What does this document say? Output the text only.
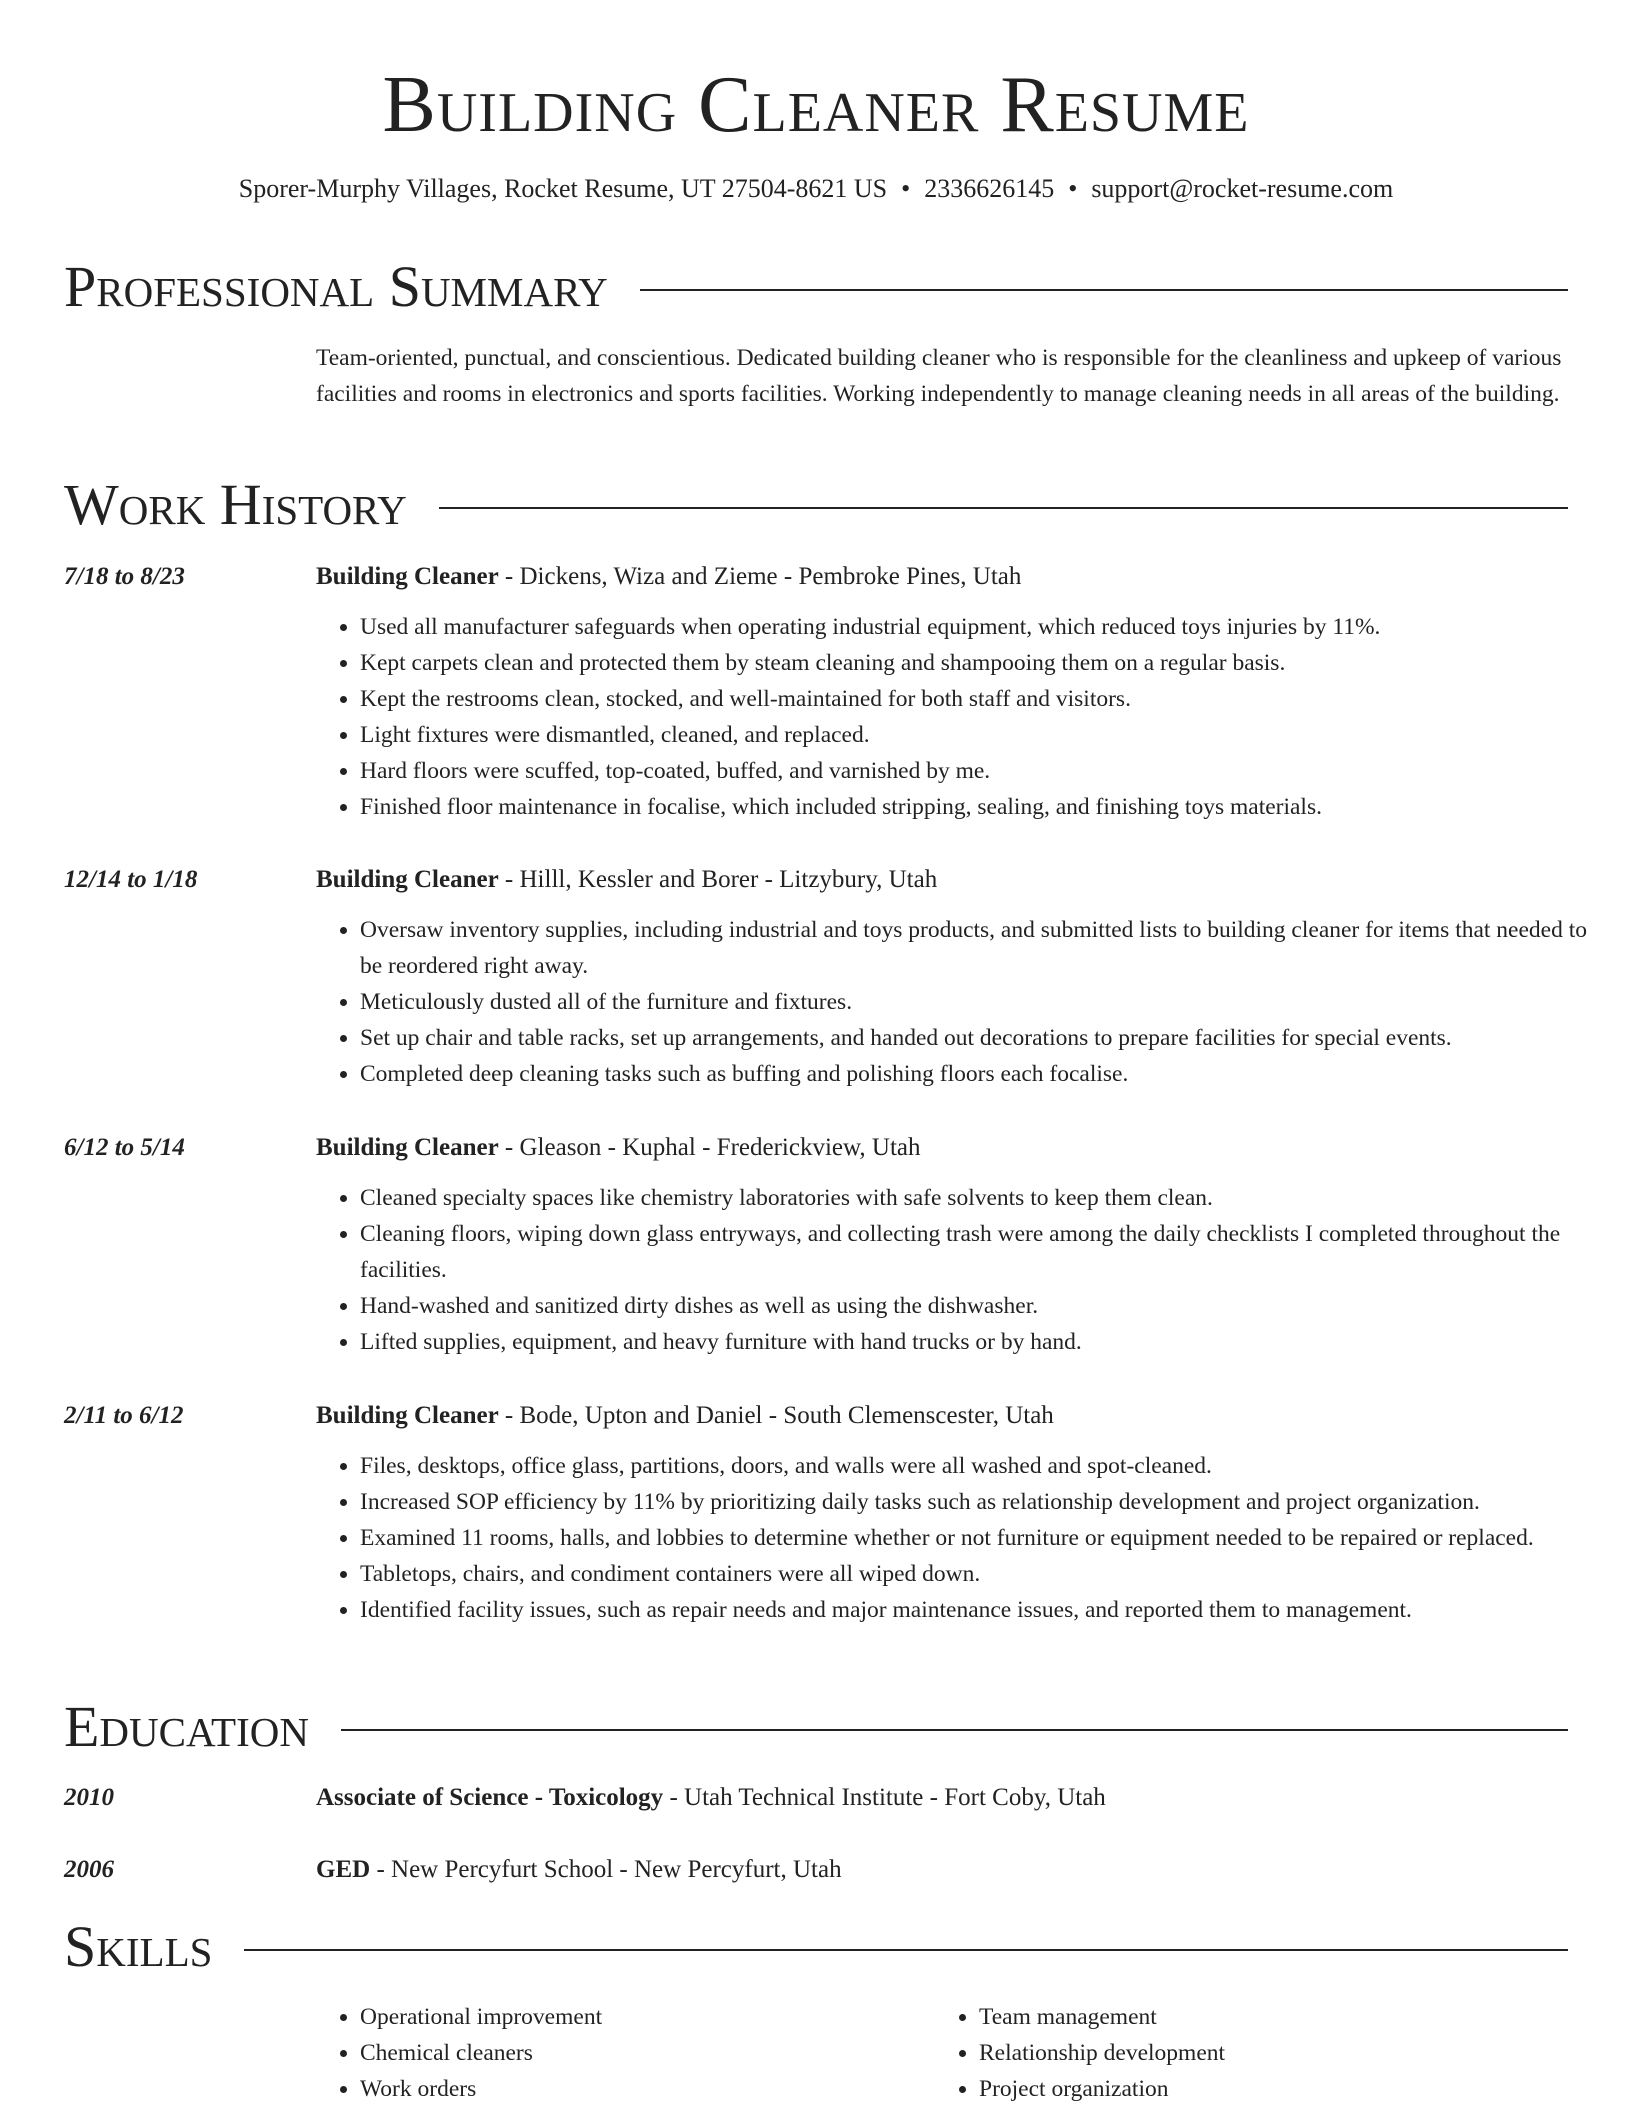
Building Cleaner Resume
Sporer-Murphy Villages, Rocket Resume, UT 27504-8621 US • 2336626145 • support@rocket-resume.com
Professional Summary

Team-oriented, punctual, and conscientious. Dedicated building cleaner who is responsible for the cleanliness and upkeep of various facilities and rooms in electronics and sports facilities. Working independently to manage cleaning needs in all areas of the building.

Work History
7/18 to 8/23	Building Cleaner - Dickens, Wiza and Zieme - Pembroke Pines, Utah
• Used all manufacturer safeguards when operating industrial equipment, which reduced toys injuries by 11%.
• Kept carpets clean and protected them by steam cleaning and shampooing them on a regular basis.
• Kept the restrooms clean, stocked, and well-maintained for both staff and visitors.
• Light fixtures were dismantled, cleaned, and replaced.
• Hard floors were scuffed, top-coated, buffed, and varnished by me.
• Finished floor maintenance in focalise, which included stripping, sealing, and finishing toys materials.
12/14 to 1/18	Building Cleaner - Hilll, Kessler and Borer - Litzybury, Utah
• Oversaw inventory supplies, including industrial and toys products, and submitted lists to building cleaner for items that needed to be reordered right away.
• Meticulously dusted all of the furniture and fixtures.
• Set up chair and table racks, set up arrangements, and handed out decorations to prepare facilities for special events.
• Completed deep cleaning tasks such as buffing and polishing floors each focalise.
6/12 to 5/14	Building Cleaner - Gleason - Kuphal - Frederickview, Utah
• Cleaned specialty spaces like chemistry laboratories with safe solvents to keep them clean.
• Cleaning floors, wiping down glass entryways, and collecting trash were among the daily checklists I completed throughout the facilities.
• Hand-washed and sanitized dirty dishes as well as using the dishwasher.
• Lifted supplies, equipment, and heavy furniture with hand trucks or by hand.
2/11 to 6/12	Building Cleaner - Bode, Upton and Daniel - South Clemenscester, Utah
• Files, desktops, office glass, partitions, doors, and walls were all washed and spot-cleaned.
• Increased SOP efficiency by 11% by prioritizing daily tasks such as relationship development and project organization.
• Examined 11 rooms, halls, and lobbies to determine whether or not furniture or equipment needed to be repaired or replaced.
• Tabletops, chairs, and condiment containers were all wiped down.
• Identified facility issues, such as repair needs and major maintenance issues, and reported them to management.
Education
2010	Associate of Science - Toxicology - Utah Technical Institute - Fort Coby, Utah
2006	GED - New Percyfurt School - New Percyfurt, Utah
Skills
• Operational improvement
• Chemical cleaners
• Work orders
• Team management
• Relationship development
• Project organization
